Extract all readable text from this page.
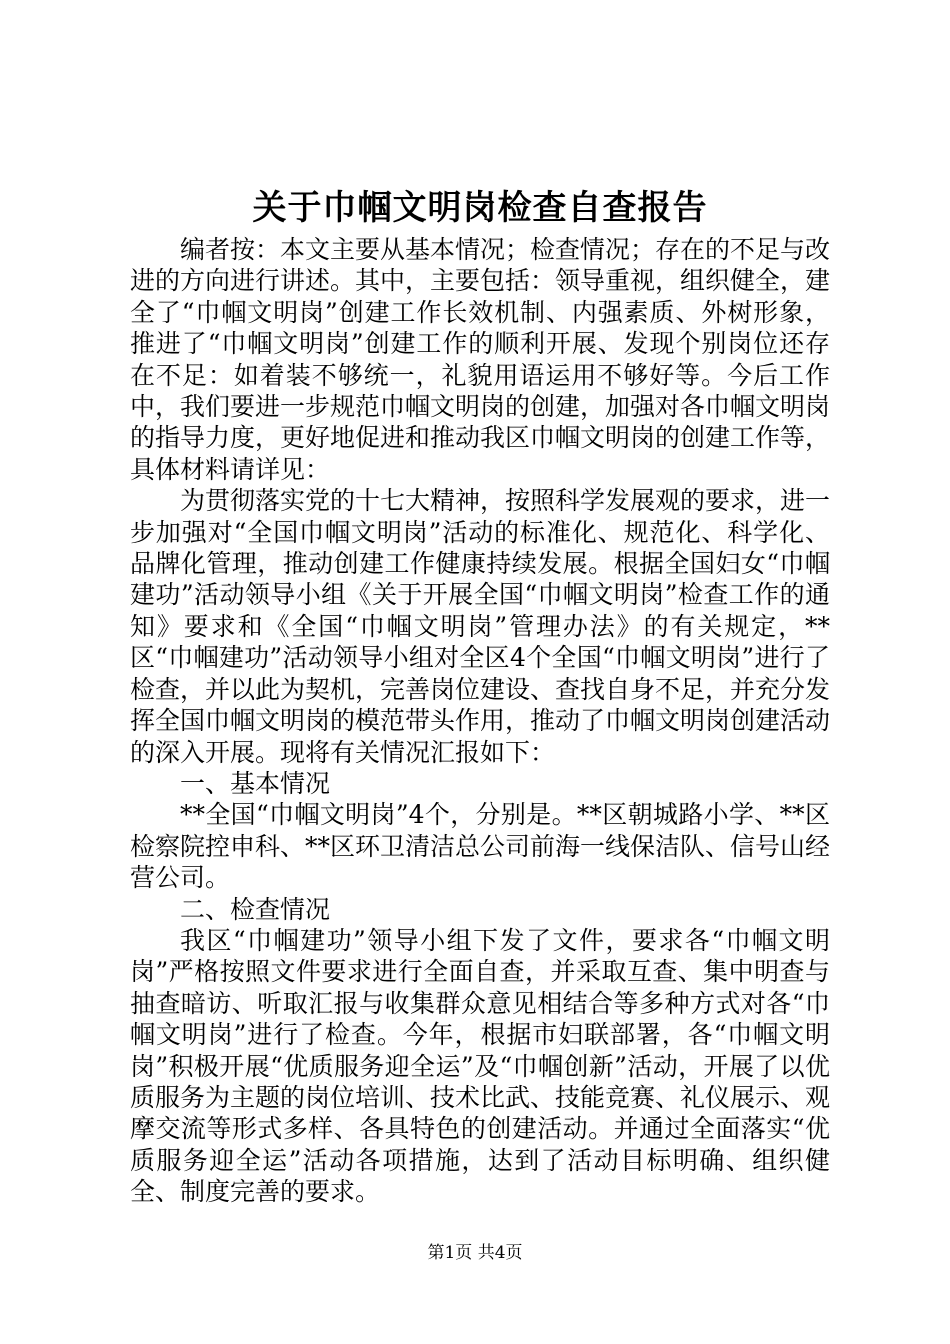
关于巾帼文明岗检查自查报告

编者按：本文主要从基本情况；检查情况；存在的不足与改进的方向进行讲述。其中，主要包括：领导重视，组织健全，建全了“巾帼文明岗”创建工作长效机制、内强素质、外树形象，推进了“巾帼文明岗”创建工作的顺利开展、发现个别岗位还存在不足：如着装不够统一，礼貌用语运用不够好等。今后工作中，我们要进一步规范巾帼文明岗的创建，加强对各巾帼文明岗的指导力度，更好地促进和推动我区巾帼文明岗的创建工作等，具体材料请详见：

为贯彻落实党的十七大精神，按照科学发展观的要求，进一步加强对“全国巾帼文明岗”活动的标准化、规范化、科学化、品牌化管理，推动创建工作健康持续发展。根据全国妇女“巾帼建功”活动领导小组《关于开展全国“巾帼文明岗”检查工作的通知》要求和《全国“巾帼文明岗”管理办法》的有关规定，**区“巾帼建功”活动领导小组对全区4个全国“巾帼文明岗”进行了检查，并以此为契机，完善岗位建设、查找自身不足，并充分发挥全国巾帼文明岗的模范带头作用，推动了巾帼文明岗创建活动的深入开展。现将有关情况汇报如下：

一、基本情况

**全国“巾帼文明岗”4个，分别是。**区朝城路小学、**区检察院控申科、**区环卫清洁总公司前海一线保洁队、信号山经营公司。

二、检查情况

我区“巾帼建功”领导小组下发了文件，要求各“巾帼文明岗”严格按照文件要求进行全面自查，并采取互查、集中明查与抽查暗访、听取汇报与收集群众意见相结合等多种方式对各“巾帼文明岗”进行了检查。今年，根据市妇联部署，各“巾帼文明岗”积极开展“优质服务迎全运”及“巾帼创新”活动，开展了以优质服务为主题的岗位培训、技术比武、技能竞赛、礼仪展示、观摩交流等形式多样、各具特色的创建活动。并通过全面落实“优质服务迎全运”活动各项措施，达到了活动目标明确、组织健全、制度完善的要求。

第1页 共4页
